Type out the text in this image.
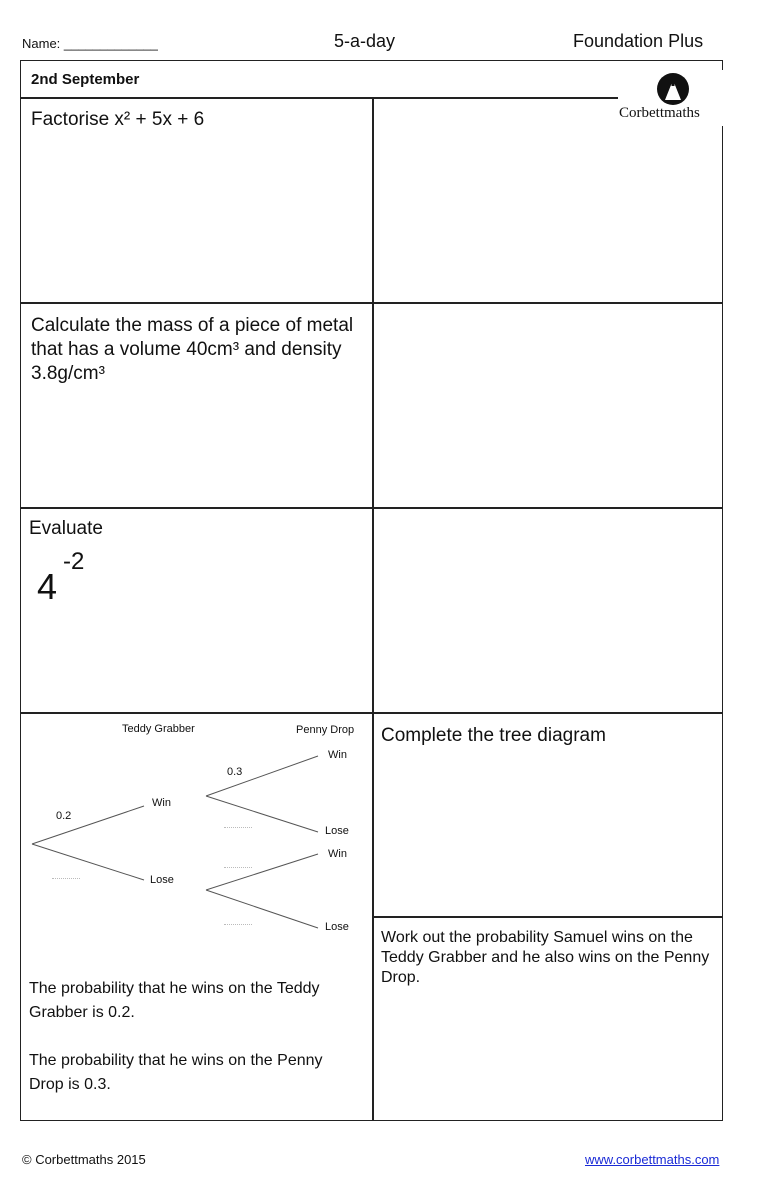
Name: _____________	5-a-day	Foundation Plus
Corbettmaths
2nd September
Factorise x² + 5x + 6
Calculate the mass of a piece of metal that has a volume 40cm³ and density 3.8g/cm³
Evaluate
4
-2
Teddy Grabber	Penny Drop
0.2
0.3
Win
Lose
Win
Lose
Win
Lose
The probability that he wins on the Teddy Grabber is 0.2.
The probability that he wins on the Penny Drop is 0.3.
Complete the tree diagram
Work out the probability Samuel wins on the Teddy Grabber and he also wins on the Penny Drop.
© Corbettmaths 2015	www.corbettmaths.com
